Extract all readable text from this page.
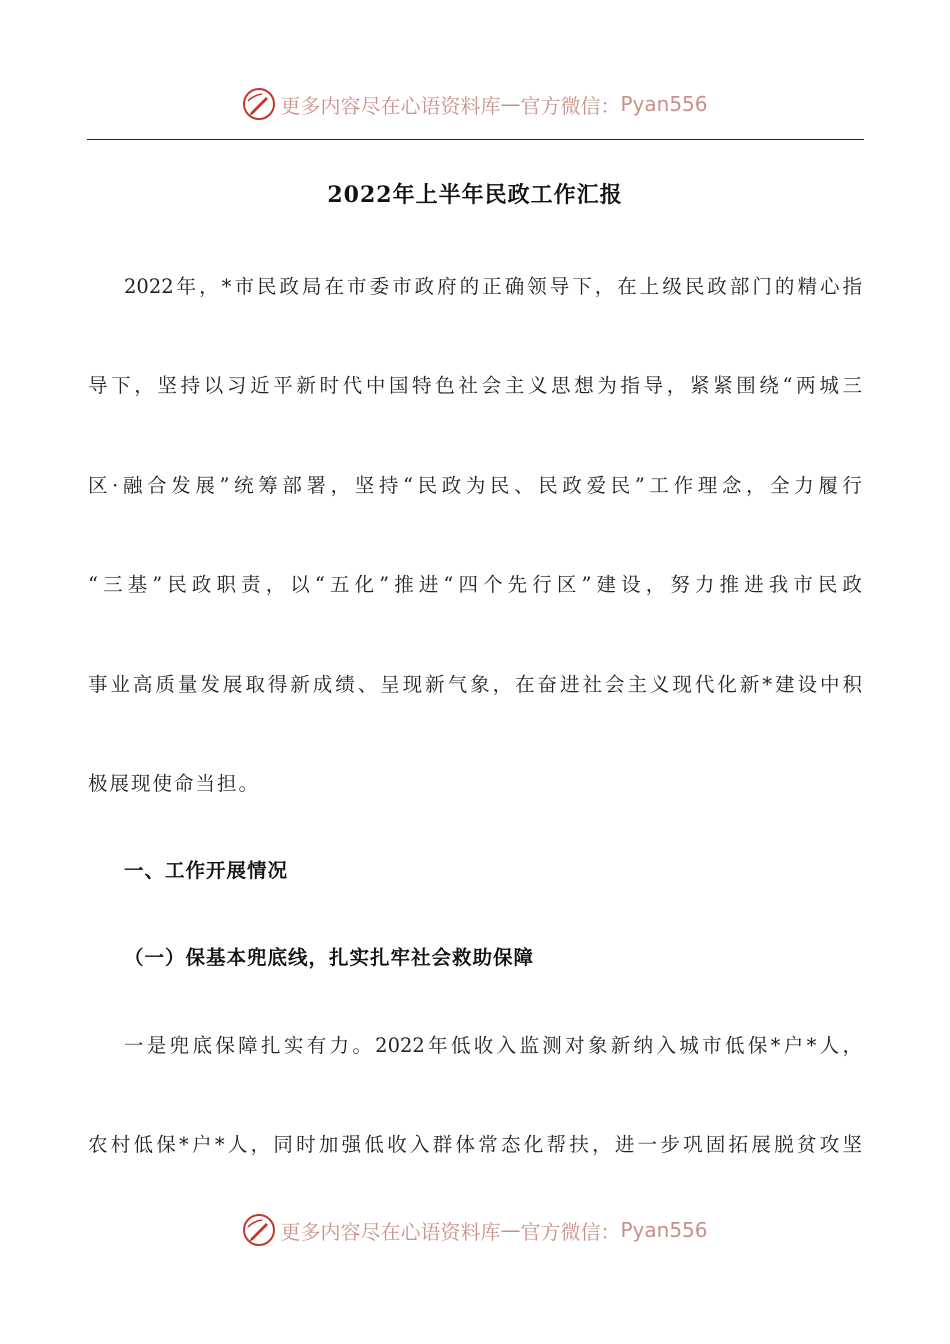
更多内容尽在心语资料库 — 官方微信： Pyan556
2022年上半年民政工作汇报
2022年，*市民政局在市委市政府的正确领导下，在上级民政部门的精心指
导下，坚持以习近平新时代中国特色社会主义思想为指导，紧紧围绕“两城三
区·融合发展”统筹部署，坚持“民政为民、民政爱民”工作理念，全力履行
“三基”民政职责，以“五化”推进“四个先行区”建设，努力推进我市民政
事业高质量发展取得新成绩、呈现新气象，在奋进社会主义现代化新*建设中积
极展现使命当担。
一、工作开展情况
（一）保基本兜底线，扎实扎牢社会救助保障
一是兜底保障扎实有力。2022年低收入监测对象新纳入城市低保*户*人，
农村低保*户*人，同时加强低收入群体常态化帮扶，进一步巩固拓展脱贫攻坚
更多内容尽在心语资料库 — 官方微信： Pyan556
